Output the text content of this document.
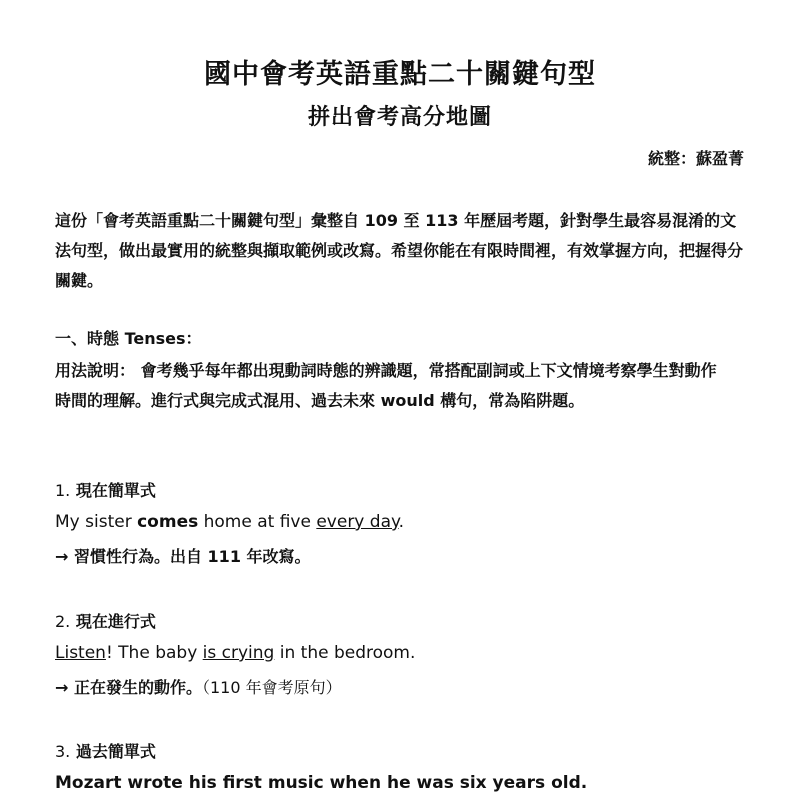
國中會考英語重點二十關鍵句型
拼出會考高分地圖
統整：蘇盈菁

這份「會考英語重點二十關鍵句型」彙整自 109 至 113 年歷屆考題，針對學生最容易混淆的文法句型，做出最實用的統整與擷取範例或改寫。希望你能在有限時間裡，有效掌握方向，把握得分關鍵。

一、時態 Tenses：

用法說明： 會考幾乎每年都出現動詞時態的辨識題，常搭配副詞或上下文情境考察學生對動作時間的理解。進行式與完成式混用、過去未來 would 構句，常為陷阱題。

1. 現在簡單式

My sister comes home at five every day.

→ 習慣性行為。出自 111 年改寫。

2. 現在進行式

Listen! The baby is crying in the bedroom.

→ 正在發生的動作。（110 年會考原句）

3. 過去簡單式

Mozart wrote his first music when he was six years old.
